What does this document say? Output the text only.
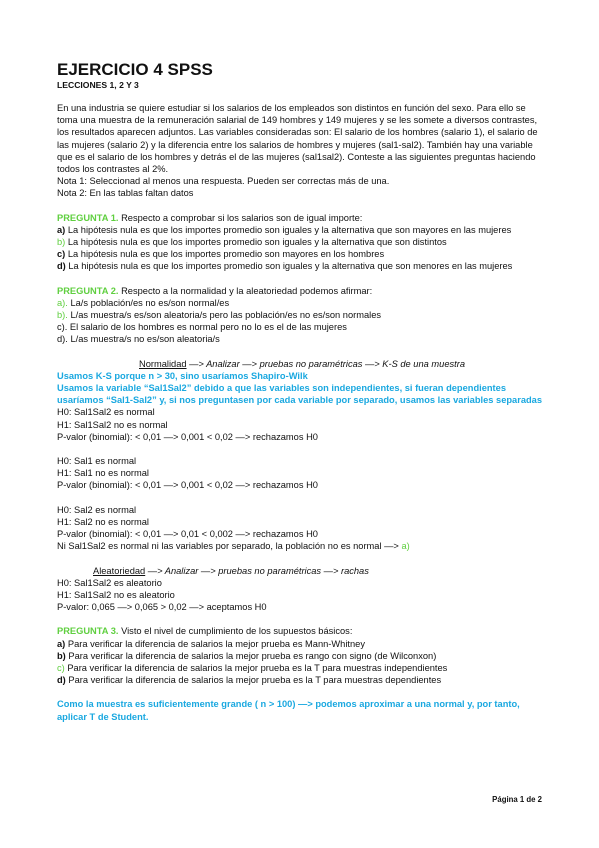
EJERCICIO 4 SPSS

LECCIONES 1, 2 Y 3

En una industria se quiere estudiar si los salarios de los empleados son distintos en función del sexo. Para ello se toma una muestra de la remuneración salarial de 149 hombres y 149 mujeres y se les somete a diversos contrastes, los resultados aparecen adjuntos. Las variables consideradas son: El salario de los hombres (salario 1), el salario de las mujeres (salario 2) y la diferencia entre los salarios de hombres y mujeres (sal1-sal2). También hay una variable que es el salario de los hombres y detrás el de las mujeres (sal1sal2). Conteste a las siguientes preguntas haciendo todos los contrastes al 2%.

Nota 1: Seleccionad al menos una respuesta. Pueden ser correctas más de una.

Nota 2: En las tablas faltan datos

PREGUNTA 1. Respecto a comprobar si los salarios son de igual importe:

a) La hipótesis nula es que los importes promedio son iguales y la alternativa que son mayores en las mujeres

b) La hipótesis nula es que los importes promedio son iguales y la alternativa que son distintos

c) La hipótesis nula es que los importes promedio son mayores en los hombres

d) La hipótesis nula es que los importes promedio son iguales y la alternativa que son menores en las mujeres

PREGUNTA 2. Respecto a la normalidad y la aleatoriedad podemos afirmar:

a). La/s población/es no es/son normal/es

b). L/as muestra/s es/son aleatoria/s pero las población/es no es/son normales

c). El salario de los hombres es normal pero no lo es el de las mujeres

d). L/as muestra/s no es/son aleatoria/s

Normalidad —> Analizar —> pruebas no paramétricas —> K-S de una muestra

Usamos K-S porque n > 30, sino usaríamos Shapiro-Wilk

Usamos la variable “Sal1Sal2” debido a que las variables son independientes, si fueran dependientes usaríamos “Sal1-Sal2” y, si nos preguntasen por cada variable por separado, usamos las variables separadas

H0: Sal1Sal2 es normal

H1: Sal1Sal2 no es normal

P-valor (binomial): < 0,01 —> 0,001 < 0,02 —> rechazamos H0

H0: Sal1 es normal

H1: Sal1 no es normal

P-valor (binomial): < 0,01 —> 0,001 < 0,02 —> rechazamos H0

H0: Sal2 es normal

H1: Sal2 no es normal

P-valor (binomial): < 0,01 —> 0,01 < 0,002 —> rechazamos H0

Ni Sal1Sal2 es normal ni las variables por separado, la población no es normal —> a)

Aleatoriedad —> Analizar —> pruebas no paramétricas —> rachas

H0: Sal1Sal2 es aleatorio

H1: Sal1Sal2 no es aleatorio

P-valor: 0,065 —> 0,065 > 0,02 —> aceptamos H0

PREGUNTA 3. Visto el nivel de cumplimiento de los supuestos básicos:

a) Para verificar la diferencia de salarios la mejor prueba es Mann-Whitney

b) Para verificar la diferencia de salarios la mejor prueba es rango con signo (de Wilconxon)

c) Para verificar la diferencia de salarios la mejor prueba es la T para muestras independientes

d) Para verificar la diferencia de salarios la mejor prueba es la T para muestras dependientes

Como la muestra es suficientemente grande ( n > 100) —> podemos aproximar a una normal y, por tanto, aplicar T de Student.

Página 1 de 2
